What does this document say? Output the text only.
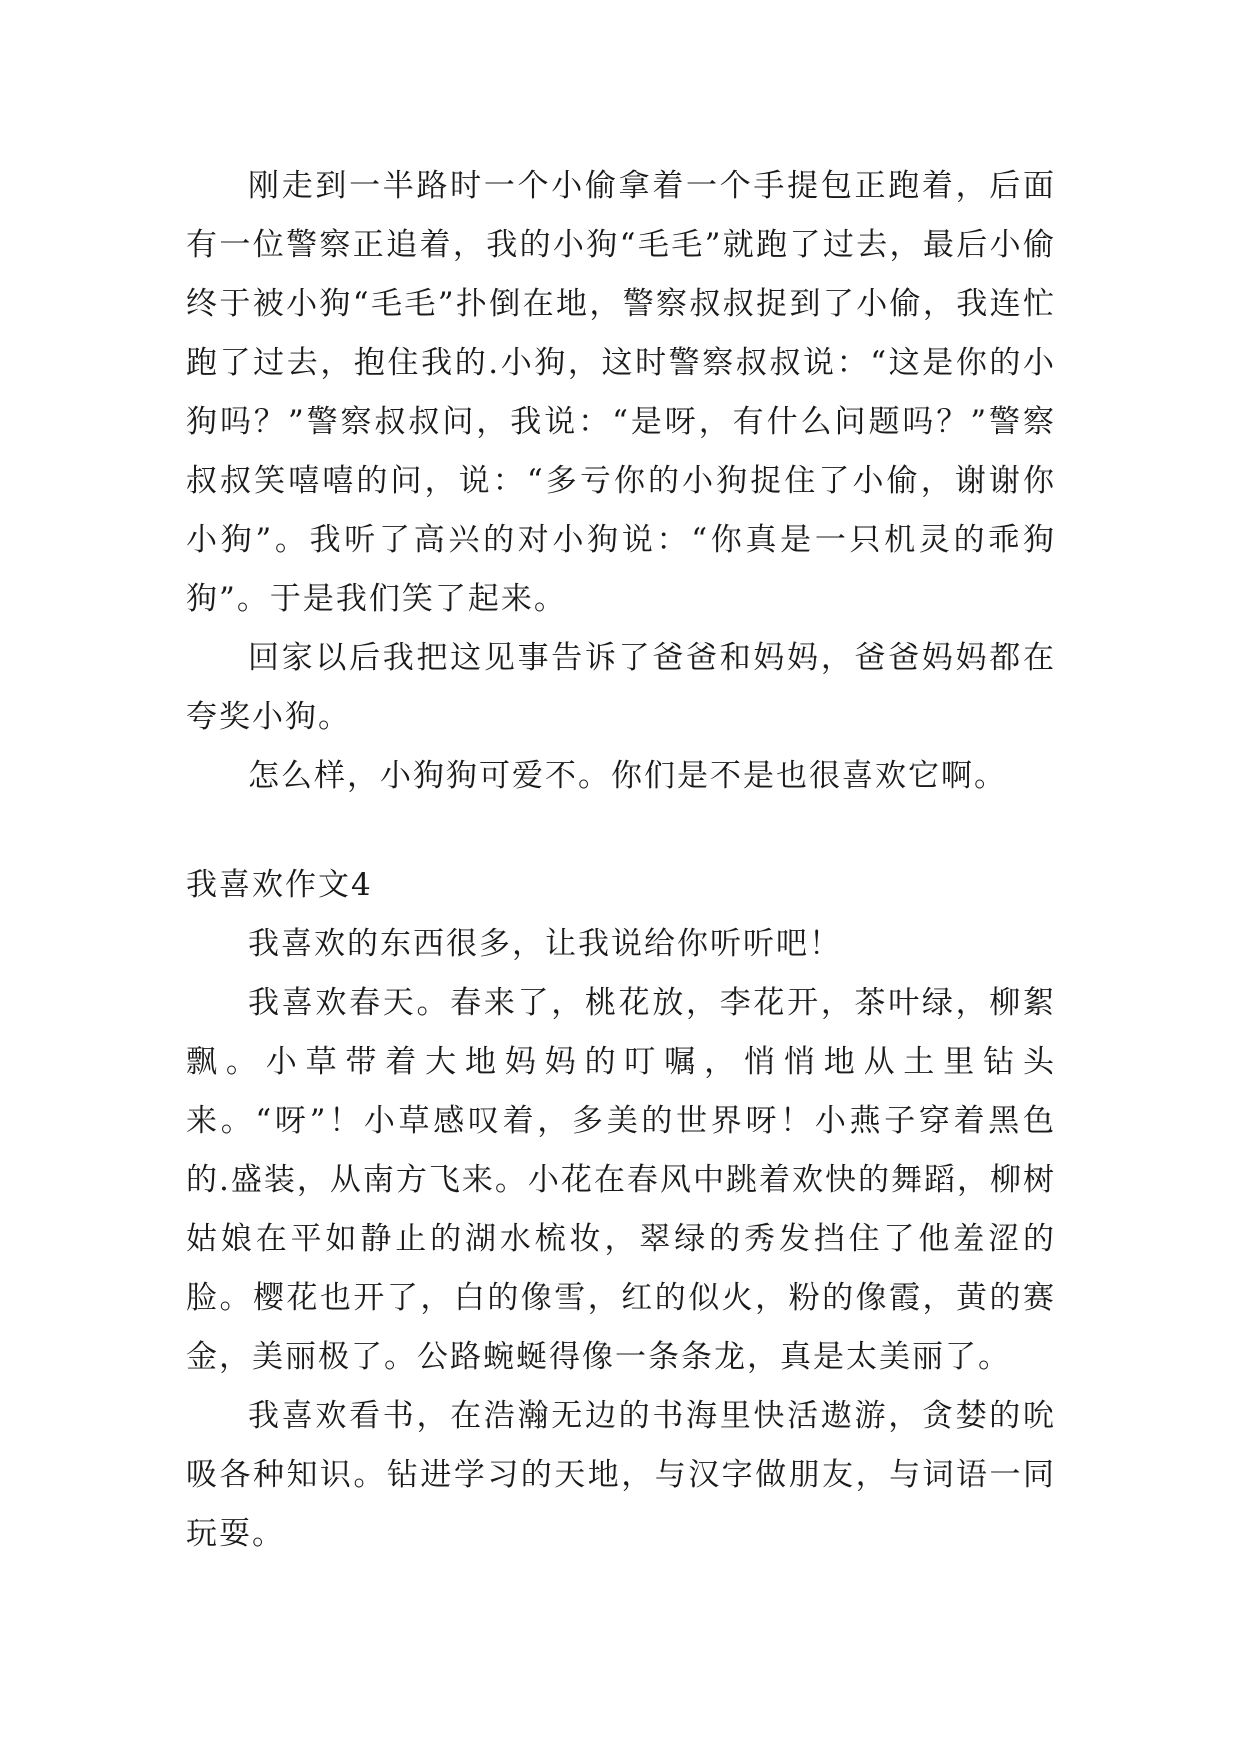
刚走到一半路时一个小偷拿着一个手提包正跑着，后面有一位警察正追着，我的小狗“毛毛”就跑了过去，最后小偷终于被小狗“毛毛”扑倒在地，警察叔叔捉到了小偷，我连忙跑了过去，抱住我的.小狗，这时警察叔叔说：“这是你的小狗吗？”警察叔叔问，我说：“是呀，有什么问题吗？”警察叔叔笑嘻嘻的问，说：“多亏你的小狗捉住了小偷，谢谢你小狗”。我听了高兴的对小狗说：“你真是一只机灵的乖狗狗”。于是我们笑了起来。

回家以后我把这见事告诉了爸爸和妈妈，爸爸妈妈都在夸奖小狗。

怎么样，小狗狗可爱不。你们是不是也很喜欢它啊。

我喜欢作文4

我喜欢的东西很多，让我说给你听听吧！

我喜欢春天。春来了，桃花放，李花开，茶叶绿，柳絮飘。小草带着大地妈妈的叮嘱，悄悄地从土里钻头来。“呀”！小草感叹着，多美的世界呀！小燕子穿着黑色的.盛装，从南方飞来。小花在春风中跳着欢快的舞蹈，柳树姑娘在平如静止的湖水梳妆，翠绿的秀发挡住了他羞涩的脸。樱花也开了，白的像雪，红的似火，粉的像霞，黄的赛金，美丽极了。公路蜿蜒得像一条条龙，真是太美丽了。

我喜欢看书，在浩瀚无边的书海里快活遨游，贪婪的吮吸各种知识。钻进学习的天地，与汉字做朋友，与词语一同玩耍。
